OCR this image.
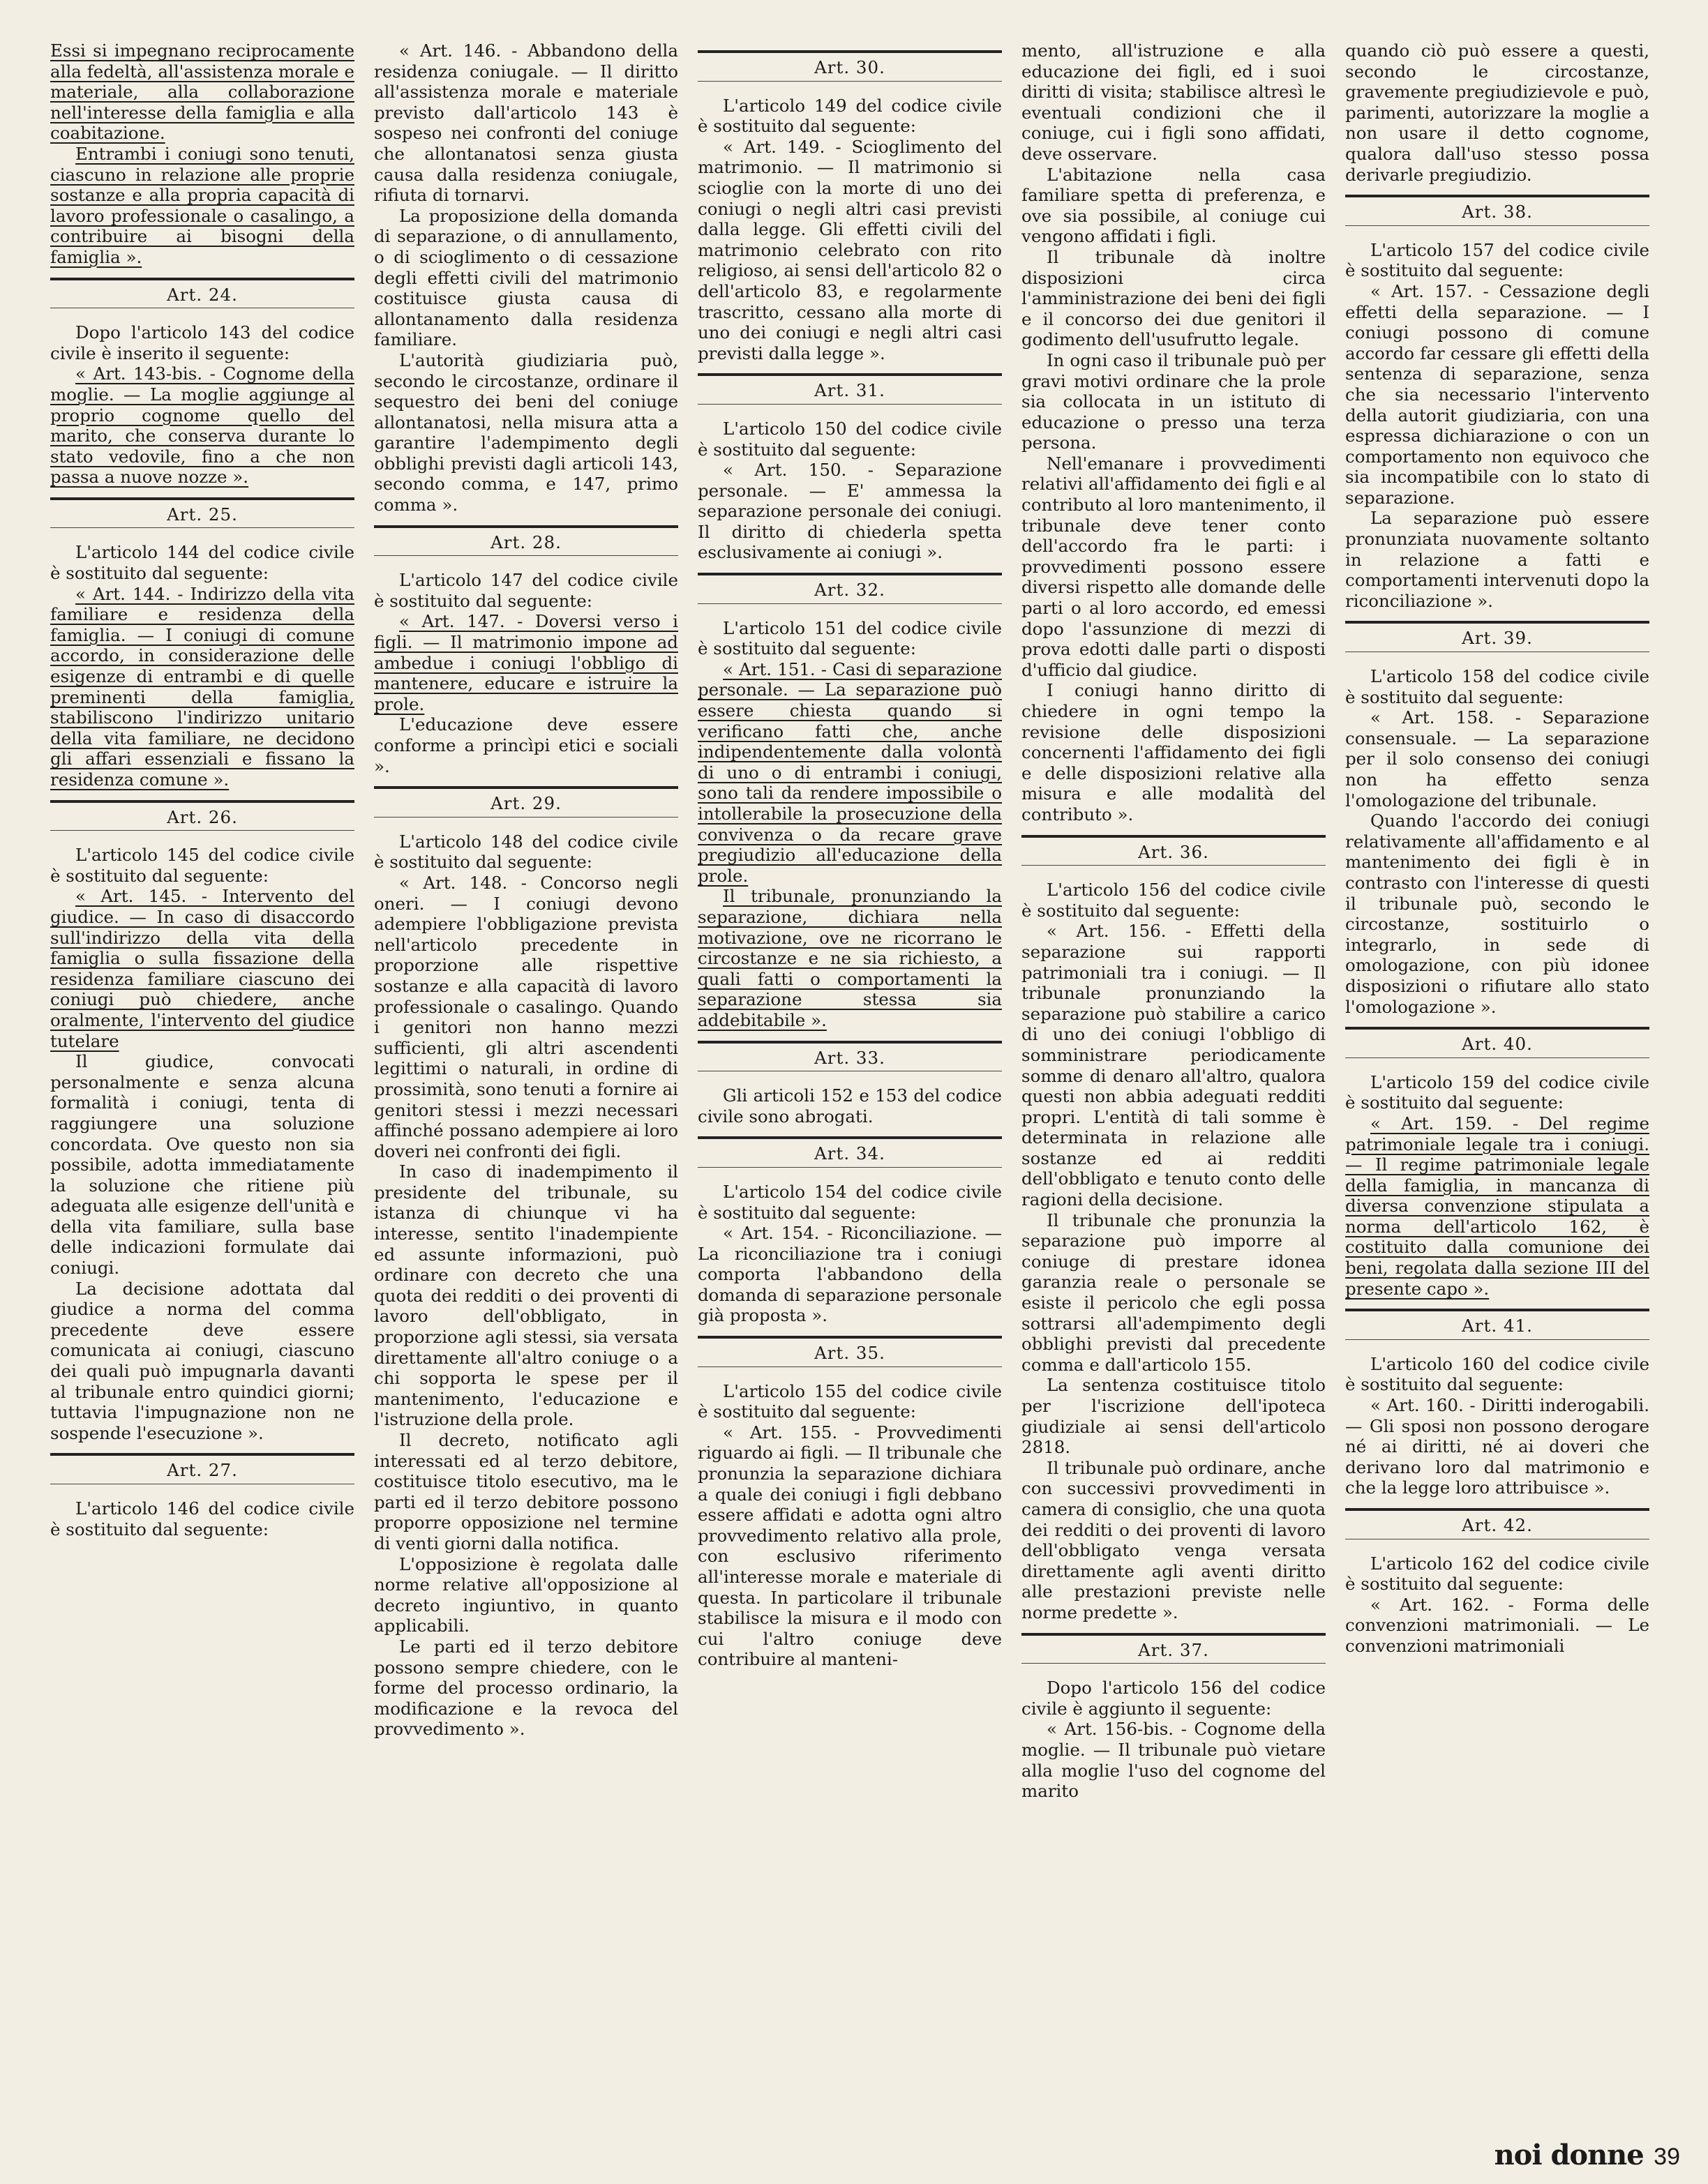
Essi si impegnano reciprocamente alla fedeltà, all'assistenza morale e materiale, alla collaborazione nell'interesse della famiglia e alla coabitazione.

Entrambi i coniugi sono tenuti, ciascuno in relazione alle proprie sostanze e alla propria capacità di lavoro professionale o casalingo, a contribuire ai bisogni della famiglia ».

Art. 24.

Dopo l'articolo 143 del codice civile è inserito il seguente:

« Art. 143-bis. - Cognome della moglie. — La moglie aggiunge al proprio cognome quello del marito, che conserva durante lo stato vedovile, fino a che non passa a nuove nozze ».

Art. 25.

L'articolo 144 del codice civile è sostituito dal seguente:

« Art. 144. - Indirizzo della vita familiare e residenza della famiglia. — I coniugi di comune accordo, in considerazione delle esigenze di entrambi e di quelle preminenti della famiglia, stabiliscono l'indirizzo unitario della vita familiare, ne decidono gli affari essenziali e fissano la residenza comune ».

Art. 26.

L'articolo 145 del codice civile è sostituito dal seguente:

« Art. 145. - Intervento del giudice. — In caso di disaccordo sull'indirizzo della vita della famiglia o sulla fissazione della residenza familiare ciascuno dei coniugi può chiedere, anche oralmente, l'intervento del giudice tutelare

Il giudice, convocati personalmente e senza alcuna formalità i coniugi, tenta di raggiungere una soluzione concordata. Ove questo non sia possibile, adotta immediatamente la soluzione che ritiene più adeguata alle esigenze dell'unità e della vita familiare, sulla base delle indicazioni formulate dai coniugi.

La decisione adottata dal giudice a norma del comma precedente deve essere comunicata ai coniugi, ciascuno dei quali può impugnarla davanti al tribunale entro quindici giorni; tuttavia l'impugnazione non ne sospende l'esecuzione ».

Art. 27.

L'articolo 146 del codice civile è sostituito dal seguente:

« Art. 146. - Abbandono della residenza coniugale. — Il diritto all'assistenza morale e materiale previsto dall'articolo 143 è sospeso nei confronti del coniuge che allontanatosi senza giusta causa dalla residenza coniugale, rifiuta di tornarvi.

La proposizione della domanda di separazione, o di annullamento, o di scioglimento o di cessazione degli effetti civili del matrimonio costituisce giusta causa di allontanamento dalla residenza familiare.

L'autorità giudiziaria può, secondo le circostanze, ordinare il sequestro dei beni del coniuge allontanatosi, nella misura atta a garantire l'adempimento degli obblighi previsti dagli articoli 143, secondo comma, e 147, primo comma ».

Art. 28.

L'articolo 147 del codice civile è sostituito dal seguente:

« Art. 147. - Doversi verso i figli. — Il matrimonio impone ad ambedue i coniugi l'obbligo di mantenere, educare e istruire la prole.

L'educazione deve essere conforme a princìpi etici e sociali ».

Art. 29.

L'articolo 148 del codice civile è sostituito dal seguente:

« Art. 148. - Concorso negli oneri. — I coniugi devono adempiere l'obbligazione prevista nell'articolo precedente in proporzione alle rispettive sostanze e alla capacità di lavoro professionale o casalingo. Quando i genitori non hanno mezzi sufficienti, gli altri ascendenti legittimi o naturali, in ordine di prossimità, sono tenuti a fornire ai genitori stessi i mezzi necessari affinché possano adempiere ai loro doveri nei confronti dei figli.

In caso di inadempimento il presidente del tribunale, su istanza di chiunque vi ha interesse, sentito l'inadempiente ed assunte informazioni, può ordinare con decreto che una quota dei redditi o dei proventi di lavoro dell'obbligato, in proporzione agli stessi, sia versata direttamente all'altro coniuge o a chi sopporta le spese per il mantenimento, l'educazione e l'istruzione della prole.

Il decreto, notificato agli interessati ed al terzo debitore, costituisce titolo esecutivo, ma le parti ed il terzo debitore possono proporre opposizione nel termine di venti giorni dalla notifica.

L'opposizione è regolata dalle norme relative all'opposizione al decreto ingiuntivo, in quanto applicabili.

Le parti ed il terzo debitore possono sempre chiedere, con le forme del processo ordinario, la modificazione e la revoca del provvedimento ».

Art. 30.

L'articolo 149 del codice civile è sostituito dal seguente:

« Art. 149. - Scioglimento del matrimonio. — Il matrimonio si scioglie con la morte di uno dei coniugi o negli altri casi previsti dalla legge. Gli effetti civili del matrimonio celebrato con rito religioso, ai sensi dell'articolo 82 o dell'articolo 83, e regolarmente trascritto, cessano alla morte di uno dei coniugi e negli altri casi previsti dalla legge ».

Art. 31.

L'articolo 150 del codice civile è sostituito dal seguente:

« Art. 150. - Separazione personale. — E' ammessa la separazione personale dei coniugi. Il diritto di chiederla spetta esclusivamente ai coniugi ».

Art. 32.

L'articolo 151 del codice civile è sostituito dal seguente:

« Art. 151. - Casi di separazione personale. — La separazione può essere chiesta quando si verificano fatti che, anche indipendentemente dalla volontà di uno o di entrambi i coniugi, sono tali da rendere impossibile o intollerabile la prosecuzione della convivenza o da recare grave pregiudizio all'educazione della prole.

Il tribunale, pronunziando la separazione, dichiara nella motivazione, ove ne ricorrano le circostanze e ne sia richiesto, a quali fatti o comportamenti la separazione stessa sia addebitabile ».

Art. 33.

Gli articoli 152 e 153 del codice civile sono abrogati.

Art. 34.

L'articolo 154 del codice civile è sostituito dal seguente:

« Art. 154. - Riconciliazione. — La riconciliazione tra i coniugi comporta l'abbandono della domanda di separazione personale già proposta ».

Art. 35.

L'articolo 155 del codice civile è sostituito dal seguente:

« Art. 155. - Provvedimenti riguardo ai figli. — Il tribunale che pronunzia la separazione dichiara a quale dei coniugi i figli debbano essere affidati e adotta ogni altro provvedimento relativo alla prole, con esclusivo riferimento all'interesse morale e materiale di questa. In particolare il tribunale stabilisce la misura e il modo con cui l'altro coniuge deve contribuire al manteni-

mento, all'istruzione e alla educazione dei figli, ed i suoi diritti di visita; stabilisce altresì le eventuali condizioni che il coniuge, cui i figli sono affidati, deve osservare.

L'abitazione nella casa familiare spetta di preferenza, e ove sia possibile, al coniuge cui vengono affidati i figli.

Il tribunale dà inoltre disposizioni circa l'amministrazione dei beni dei figli e il concorso dei due genitori il godimento dell'usufrutto legale.

In ogni caso il tribunale può per gravi motivi ordinare che la prole sia collocata in un istituto di educazione o presso una terza persona.

Nell'emanare i provvedimenti relativi all'affidamento dei figli e al contributo al loro mantenimento, il tribunale deve tener conto dell'accordo fra le parti: i provvedimenti possono essere diversi rispetto alle domande delle parti o al loro accordo, ed emessi dopo l'assunzione di mezzi di prova edotti dalle parti o disposti d'ufficio dal giudice.

I coniugi hanno diritto di chiedere in ogni tempo la revisione delle disposizioni concernenti l'affidamento dei figli e delle disposizioni relative alla misura e alle modalità del contributo ».

Art. 36.

L'articolo 156 del codice civile è sostituito dal seguente:

« Art. 156. - Effetti della separazione sui rapporti patrimoniali tra i coniugi. — Il tribunale pronunziando la separazione può stabilire a carico di uno dei coniugi l'obbligo di somministrare periodicamente somme di denaro all'altro, qualora questi non abbia adeguati redditi propri. L'entità di tali somme è determinata in relazione alle sostanze ed ai redditi dell'obbligato e tenuto conto delle ragioni della decisione.

Il tribunale che pronunzia la separazione può imporre al coniuge di prestare idonea garanzia reale o personale se esiste il pericolo che egli possa sottrarsi all'adempimento degli obblighi previsti dal precedente comma e dall'articolo 155.

La sentenza costituisce titolo per l'iscrizione dell'ipoteca giudiziale ai sensi dell'articolo 2818.

Il tribunale può ordinare, anche con successivi provvedimenti in camera di consiglio, che una quota dei redditi o dei proventi di lavoro dell'obbligato venga versata direttamente agli aventi diritto alle prestazioni previste nelle norme predette ».

Art. 37.

Dopo l'articolo 156 del codice civile è aggiunto il seguente:

« Art. 156-bis. - Cognome della moglie. — Il tribunale può vietare alla moglie l'uso del cognome del marito

quando ciò può essere a questi, secondo le circostanze, gravemente pregiudizievole e può, parimenti, autorizzare la moglie a non usare il detto cognome, qualora dall'uso stesso possa derivarle pregiudizio.

Art. 38.

L'articolo 157 del codice civile è sostituito dal seguente:

« Art. 157. - Cessazione degli effetti della separazione. — I coniugi possono di comune accordo far cessare gli effetti della sentenza di separazione, senza che sia necessario l'intervento della autorit giudiziaria, con una espressa dichiarazione o con un comportamento non equivoco che sia incompatibile con lo stato di separazione.

La separazione può essere pronunziata nuovamente soltanto in relazione a fatti e comportamenti intervenuti dopo la riconciliazione ».

Art. 39.

L'articolo 158 del codice civile è sostituito dal seguente:

« Art. 158. - Separazione consensuale. — La separazione per il solo consenso dei coniugi non ha effetto senza l'omologazione del tribunale.

Quando l'accordo dei coniugi relativamente all'affidamento e al mantenimento dei figli è in contrasto con l'interesse di questi il tribunale può, secondo le circostanze, sostituirlo o integrarlo, in sede di omologazione, con più idonee disposizioni o rifiutare allo stato l'omologazione ».

Art. 40.

L'articolo 159 del codice civile è sostituito dal seguente:

« Art. 159. - Del regime patrimoniale legale tra i coniugi. — Il regime patrimoniale legale della famiglia, in mancanza di diversa convenzione stipulata a norma dell'articolo 162, è costituito dalla comunione dei beni, regolata dalla sezione III del presente capo ».

Art. 41.

L'articolo 160 del codice civile è sostituito dal seguente:

« Art. 160. - Diritti inderogabili. — Gli sposi non possono derogare né ai diritti, né ai doveri che derivano loro dal matrimonio e che la legge loro attribuisce ».

Art. 42.

L'articolo 162 del codice civile è sostituito dal seguente:

« Art. 162. - Forma delle convenzioni matrimoniali. — Le convenzioni matrimoniali

noi donne 39
